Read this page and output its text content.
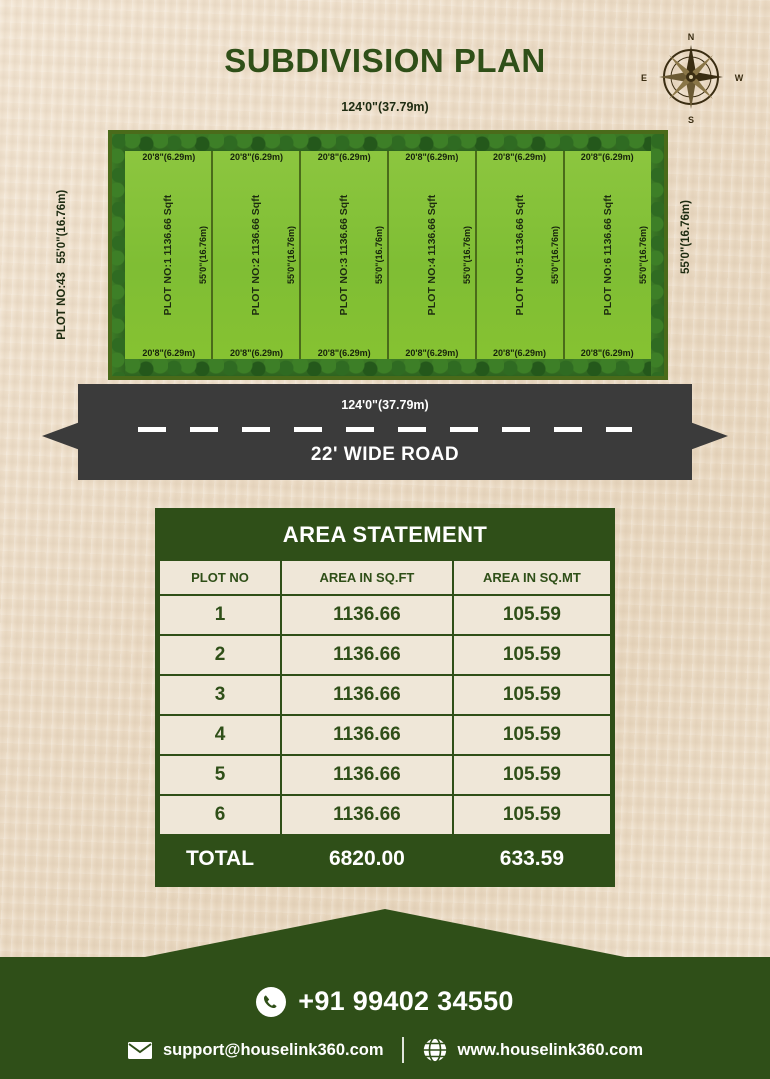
SUBDIVISION PLAN
N
S
W
E
124'0"(37.79m)
PLOT NO:43
55'0"(16.76m)	55'0"(16.76m)
PLOT NO:1
1136.66 Sqft	55'0"(16.76m)
PLOT NO:2
1136.66 Sqft	55'0"(16.76m)
PLOT NO:3
1136.66 Sqft	55'0"(16.76m)
PLOT NO:4
1136.66 Sqft	55'0"(16.76m)
PLOT NO:5
1136.66 Sqft	55'0"(16.76m)
PLOT NO:6
1136.66 Sqft	55'0"(16.76m)
20'8"(6.29m)	20'8"(6.29m)	20'8"(6.29m)	20'8"(6.29m)	20'8"(6.29m)	20'8"(6.29m)
20'8"(6.29m)	20'8"(6.29m)	20'8"(6.29m)	20'8"(6.29m)	20'8"(6.29m)	20'8"(6.29m)
124'0"(37.79m)
22' WIDE ROAD
AREA STATEMENT
PLOT NO	AREA IN SQ.FT	AREA IN SQ.MT
1	1136.66	105.59
2	1136.66	105.59
3	1136.66	105.59
4	1136.66	105.59
5	1136.66	105.59
6	1136.66	105.59
TOTAL	6820.00	633.59
+91 99402 34550
support@houselink360.com	www.houselink360.com
